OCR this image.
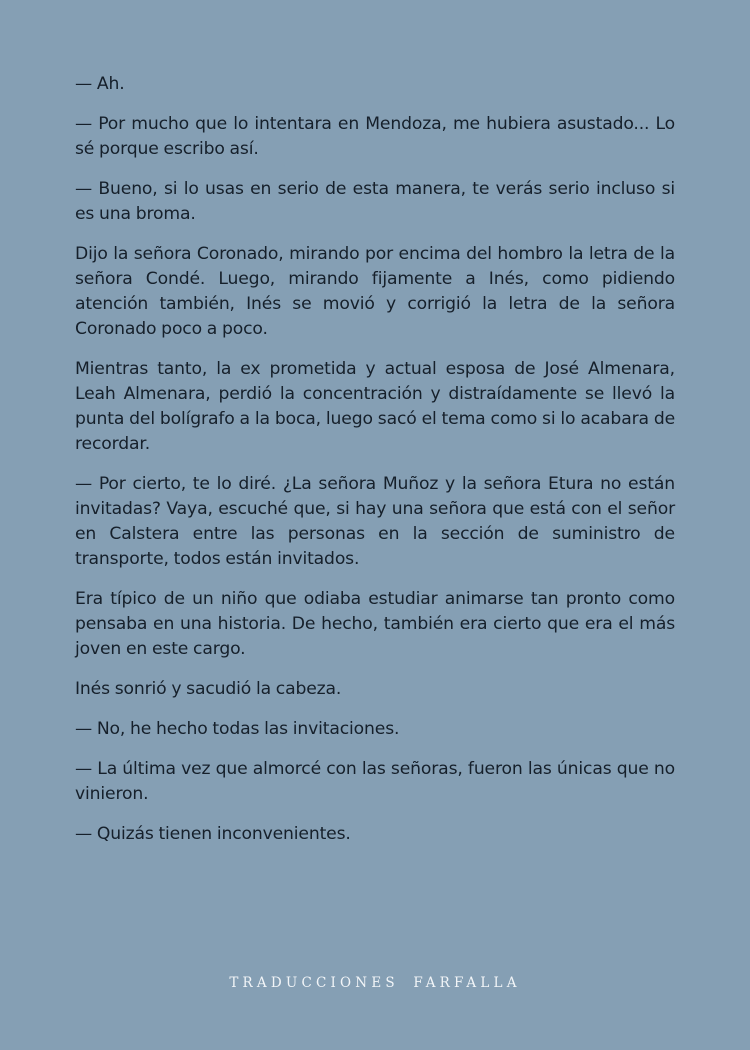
— Ah.

— Por mucho que lo intentara en Mendoza, me hubiera asustado... Lo sé porque escribo así.

— Bueno, si lo usas en serio de esta manera, te verás serio incluso si es una broma.

Dijo la señora Coronado, mirando por encima del hombro la letra de la señora Condé. Luego, mirando fijamente a Inés, como pidiendo atención también, Inés se movió y corrigió la letra de la señora Coronado poco a poco.

Mientras tanto, la ex prometida y actual esposa de José Almenara, Leah Almenara, perdió la concentración y distraídamente se llevó la punta del bolígrafo a la boca, luego sacó el tema como si lo acabara de recordar.

— Por cierto, te lo diré. ¿La señora Muñoz y la señora Etura no están invitadas? Vaya, escuché que, si hay una señora que está con el señor en Calstera entre las personas en la sección de suministro de transporte, todos están invitados.

Era típico de un niño que odiaba estudiar animarse tan pronto como pensaba en una historia. De hecho, también era cierto que era el más joven en este cargo.

Inés sonrió y sacudió la cabeza.

— No, he hecho todas las invitaciones.

— La última vez que almorcé con las señoras, fueron las únicas que no vinieron.

— Quizás tienen inconvenientes.

TRADUCCIONES FARFALLA
